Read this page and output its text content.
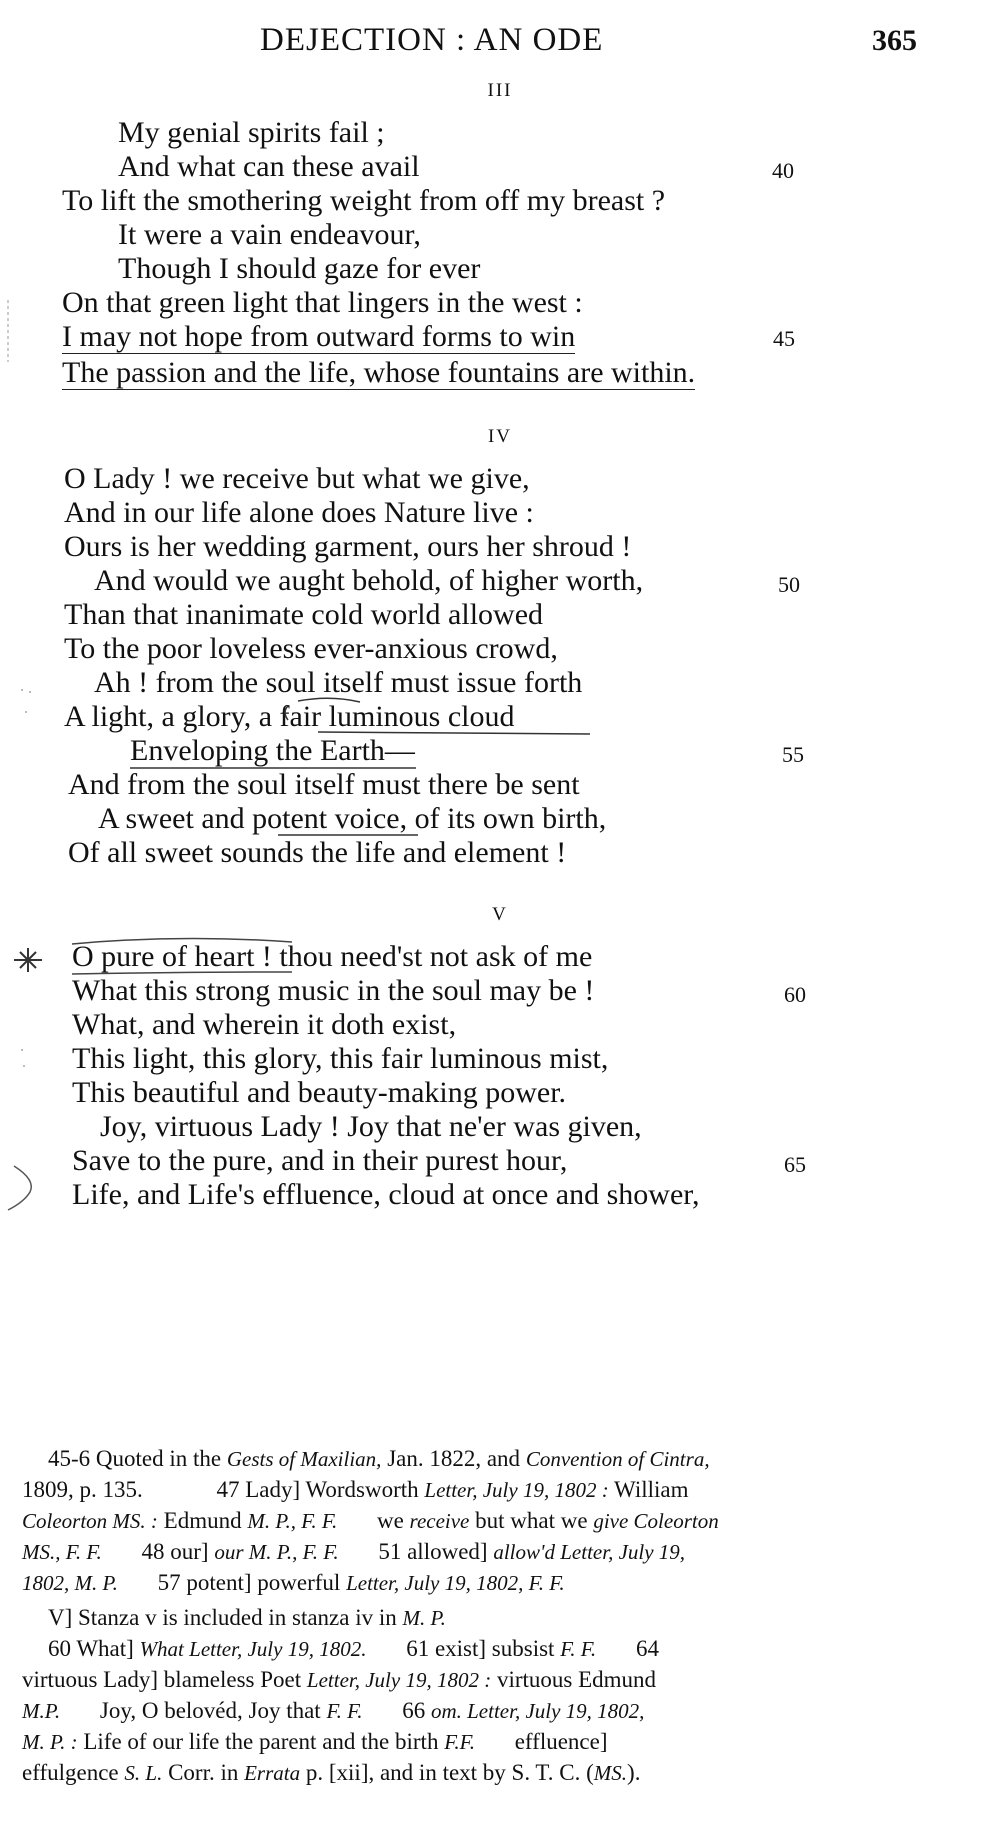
DEJECTION : AN ODE	365
III
My genial spirits fail ;
And what can these avail	40
To lift the smothering weight from off my breast ?
It were a vain endeavour,
Though I should gaze for ever
On that green light that lingers in the west :
I may not hope from outward forms to win	45
The passion and the life, whose fountains are within.
IV
O Lady ! we receive but what we give,
And in our life alone does Nature live :
Ours is her wedding garment, ours her shroud !
And would we aught behold, of higher worth,	50
Than that inanimate cold world allowed
To the poor loveless ever-anxious crowd,
Ah ! from the soul itself must issue forth
A light, a glory, a fair luminous cloud
Enveloping the Earth—	55
And from the soul itself must there be sent
A sweet and potent voice, of its own birth,
Of all sweet sounds the life and element !
V
O pure of heart ! thou need'st not ask of me
What this strong music in the soul may be !	60
What, and wherein it doth exist,
This light, this glory, this fair luminous mist,
This beautiful and beauty-making power.
Joy, virtuous Lady ! Joy that ne'er was given,
Save to the pure, and in their purest hour,	65
Life, and Life's effluence, cloud at once and shower,
45-6 Quoted in the Gests of Maxilian, Jan. 1822, and Convention of Cintra,
1809, p. 135.	47 Lady] Wordsworth Letter, July 19, 1802 : William
Coleorton MS. : Edmund M. P., F. F. we receive but what we give Coleorton
MS., F. F. 48 our] our M. P., F. F. 51 allowed] allow'd Letter, July 19,
1802, M. P. 57 potent] powerful Letter, July 19, 1802, F. F.
V] Stanza v is included in stanza iv in M. P.
60 What] What Letter, July 19, 1802. 61 exist] subsist F. F. 64
virtuous Lady] blameless Poet Letter, July 19, 1802 : virtuous Edmund
M.P. Joy, O belovéd, Joy that F. F. 66 om. Letter, July 19, 1802,
M. P. : Life of our life the parent and the birth F.F. effluence]
effulgence S. L. Corr. in Errata p. [xii], and in text by S. T. C. (MS.).
